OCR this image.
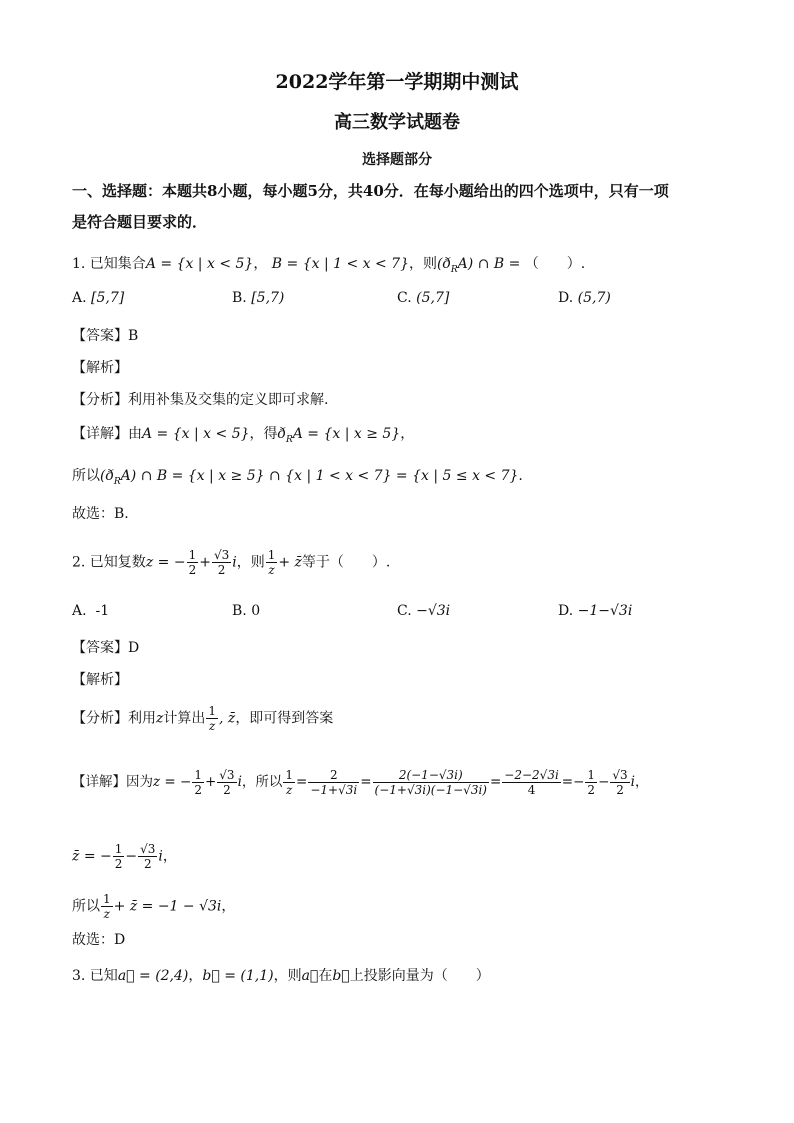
2022学年第一学期期中测试
高三数学试题卷
选择题部分
一、选择题：本题共8小题，每小题5分，共40分．在每小题给出的四个选项中，只有一项
是符合题目要求的．
1. 已知集合A = {x | x < 5}， B = {x | 1 < x < 7}，则$(ð_RA)$ ∩ B = （　　）.
A. [5,7]	B. [5,7)	C. (5,7]	D. (5,7)
【答案】B
【解析】
【分析】利用补集及交集的定义即可求解.
【详解】由A = {x | x < 5}，得$ð_RA = \{x$ | x ≥ 5}，
所以$(ð_RA)$ ∩ B = {x | x ≥ 5} ∩ {x | 1 < x < 7} = {x | 5 ≤ x < 7}.
故选：B.
2. 已知复数z = − $\frac{1}{2} + \frac{√3}{2}$ i，则 $\frac{1}{z}$ + z̄等于（　　）.
A. -1	B. 0	C. −√3i	D. −1−√3i
【答案】D
【解析】
【分析】利用z计算出 $\frac{1}{z}$ , z̄，即可得到答案
【详解】因为z = − $\frac{1}{2} + \frac{√3}{2}$ i，所以 $\frac{1}{z} = \frac{2}{-1+√3i} = \frac{2(-1-√3i)}{(-1+√3i)(-1-√3i)} = \frac{-2-2√3i}{4} =- \frac{1}{2} - \frac{√3}{2}$ i，
z̄ = − $\frac{1}{2} - \frac{√3}{2}$ i，
所以 $\frac{1}{z}$ + z̄ = −1 − √3i，
故选：D
3. 已知a⃗ = (2,4)，b⃗ = (1,1)，则a⃗在b⃗上投影向量为（　　）
